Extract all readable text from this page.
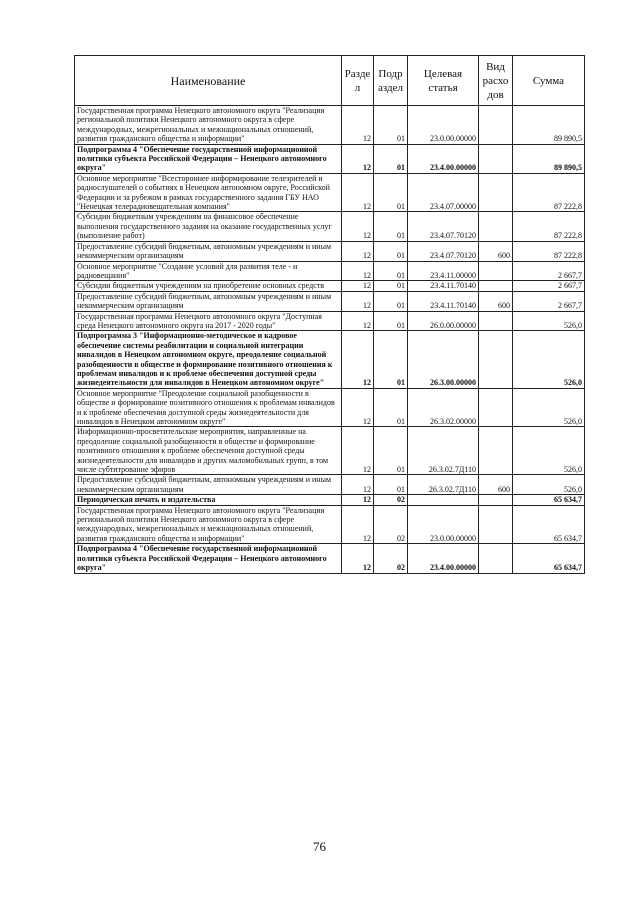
Наименование	Разде л	Подр аздел	Целевая статья	Вид расхо дов	Сумма
Государственная программа Ненецкого автономного округа "Реализация региональной политики Ненецкого автономного округа в сфере международных, межрегиональных и межнациональных отношений, развития гражданского общества и информации"	12	01	23.0.00.00000		89 890,5
Подпрограмма 4 "Обеспечение государственной информационной политики субъекта Российской Федерации – Ненецкого автономного округа"	12	01	23.4.00.00000		89 890,5
Основное мероприятие "Всестороннее информирование телезрителей и радиослушателей о событиях в Ненецком автономном округе, Российской Федерации и за рубежом в рамках государственного задания ГБУ НАО "Ненецкая телерадиовещательная компания"	12	01	23.4.07.00000		87 222,8
Субсидии бюджетным учреждениям на финансовое обеспечение выполнения государственного задания на оказание государственных услуг (выполнение работ)	12	01	23.4.07.70120		87 222,8
Предоставление субсидий бюджетным, автономным учреждениям и иным некоммерческим организациям	12	01	23.4.07.70120	600	87 222,8
Основное мероприятие "Создание условий для развития теле - и радиовещания"	12	01	23.4.11.00000		2 667,7
Субсидии бюджетным учреждениям на приобретение основных средств	12	01	23.4.11.70140		2 667,7
Предоставление субсидий бюджетным, автономным учреждениям и иным некоммерческим организациям	12	01	23.4.11.70140	600	2 667,7
Государственная программа Ненецкого автономного округа "Доступная среда Ненецкого автономного округа на 2017 - 2020 годы"	12	01	26.0.00.00000		526,0
Подпрограмма 3 "Информационно-методическое и кадровое обеспечение системы реабилитации и социальной интеграции инвалидов в Ненецком автономном округе, преодоление социальной разобщенности в обществе и формирование позитивного отношения к проблемам инвалидов и к проблеме обеспечения доступной среды жизнедеятельности для инвалидов в Ненецком автономном округе"	12	01	26.3.00.00000		526,0
Основное мероприятие "Преодоление социальной разобщенности в обществе и формирование позитивного отношения к проблемам инвалидов и к проблеме обеспечения доступной среды жизнедеятельности для инвалидов в Ненецком автономном округе"	12	01	26.3.02.00000		526,0
Информационно-просветительские мероприятия, направленные на преодоление социальной разобщенности в обществе и формирование позитивного отношения к проблеме обеспечения доступной среды жизнедеятельности для инвалидов и других маломобильных групп, в том числе субтитрование эфиров	12	01	26.3.02.7Д110		526,0
Предоставление субсидий бюджетным, автономным учреждениям и иным некоммерческим организациям	12	01	26.3.02.7Д110	600	526,0
Периодическая печать и издательства	12	02			65 634,7
Государственная программа Ненецкого автономного округа "Реализация региональной политики Ненецкого автономного округа в сфере международных, межрегиональных и межнациональных отношений, развития гражданского общества и информации"	12	02	23.0.00.00000		65 634,7
Подпрограмма 4 "Обеспечение государственной информационной политики субъекта Российской Федерации – Ненецкого автономного округа"	12	02	23.4.00.00000		65 634,7
76
